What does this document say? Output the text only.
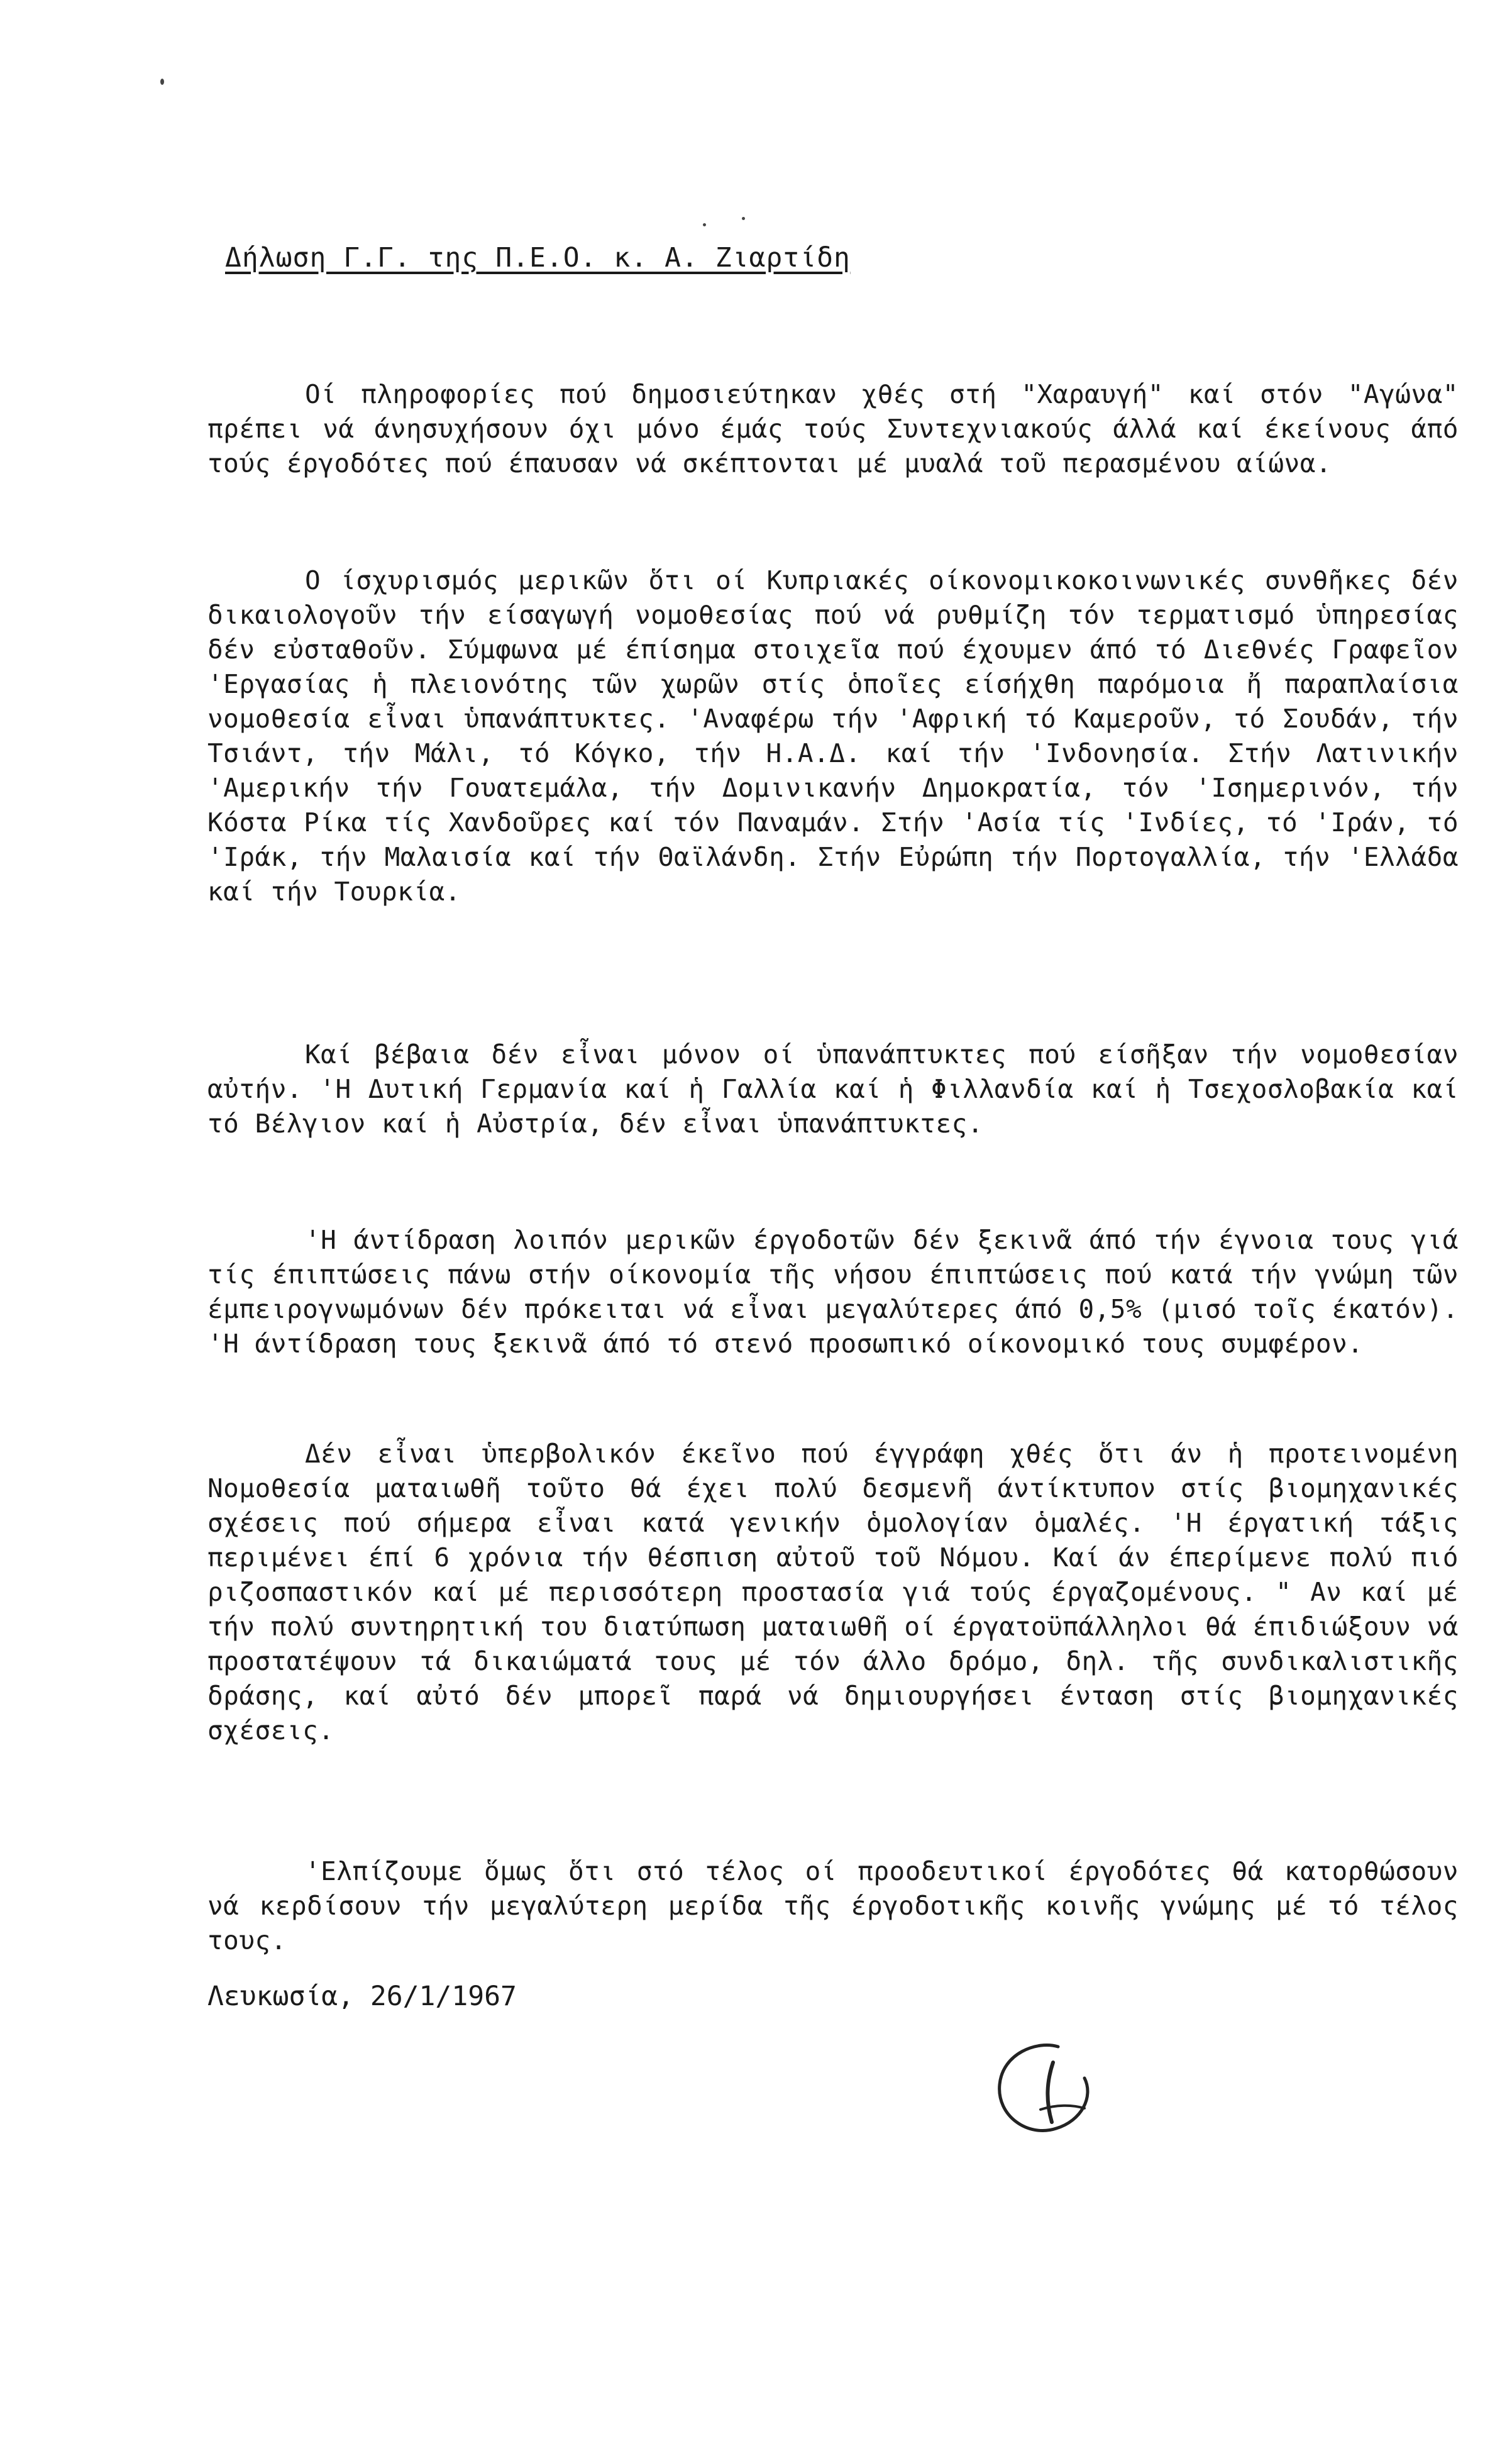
Δήλωση Γ.Γ. της Π.Ε.Ο. κ. Α. Ζιαρτίδη

Οί πληροφορίες πού δημοσιεύτηκαν χθές στή "Χαραυγή" καί στόν "Αγώνα" πρέπει νά άνησυχήσουν όχι μόνο έμάς τούς Συντεχνιακούς άλλά καί έκείνους άπό τούς έργοδότες πού έπαυσαν νά σκέπτονται μέ μυαλά τοῦ περασμένου αίώνα.

Ο ίσχυρισμός μερικῶν ὅτι οί Κυπριακές οίκονομικοκοινωνικές συνθῆκες δέν δικαιολογοῦν τήν είσαγωγή νομοθεσίας πού νά ρυθμίζη τόν τερματισμό ὑπηρεσίας δέν εὐσταθοῦν. Σύμφωνα μέ έπίσημα στοιχεῖα πού έχουμεν άπό τό Διεθνές Γραφεῖον 'Εργασίας ἡ πλειονότης τῶν χωρῶν στίς ὁποῖες είσήχθη παρόμοια ἤ παραπλαίσια νομοθεσία εἶναι ὑπανάπτυκτες. 'Αναφέρω τήν 'Αφρική τό Καμεροῦν, τό Σουδάν, τήν Τσιάντ, τήν Μάλι, τό Κόγκο, τήν Η.Α.Δ. καί τήν 'Ινδονησία. Στήν Λατινικήν 'Αμερικήν τήν Γουατεμάλα, τήν Δομινικανήν Δημοκρατία, τόν 'Ισημερινόν, τήν Κόστα Ρίκα τίς Χανδοῦρες καί τόν Παναμάν. Στήν 'Ασία τίς 'Ινδίες, τό 'Ιράν, τό 'Ιράκ, τήν Μαλαισία καί τήν Θαϊλάνδη. Στήν Εὐρώπη τήν Πορτογαλλία, τήν 'Ελλάδα καί τήν Τουρκία.

Καί βέβαια δέν εἶναι μόνον οί ὑπανάπτυκτες πού είσῆξαν τήν νομοθεσίαν αὐτήν. 'Η Δυτική Γερμανία καί ἡ Γαλλία καί ἡ Φιλλανδία καί ἡ Τσεχοσλοβακία καί τό Βέλγιον καί ἡ Αὐστρία, δέν εἶναι ὑπανάπτυκτες.

'Η άντίδραση λοιπόν μερικῶν έργοδοτῶν δέν ξεκινᾶ άπό τήν έγνοια τους γιά τίς έπιπτώσεις πάνω στήν οίκονομία τῆς νήσου έπιπτώσεις πού κατά τήν γνώμη τῶν έμπειρογνωμόνων δέν πρόκειται νά εἶναι μεγαλύτερες άπό 0,5% (μισό τοῖς έκατόν). 'Η άντίδραση τους ξεκινᾶ άπό τό στενό προσωπικό οίκονομικό τους συμφέρον.

Δέν εἶναι ὑπερβολικόν έκεῖνο πού έγγράφη χθές ὅτι άν ἡ προτεινομένη Νομοθεσία ματαιωθῆ τοῦτο θά έχει πολύ δεσμενῆ άντίκτυπον στίς βιομηχανικές σχέσεις πού σήμερα εἶναι κατά γενικήν ὁμολογίαν ὁμαλές. 'Η έργατική τάξις περιμένει έπί 6 χρόνια τήν θέσπιση αὐτοῦ τοῦ Νόμου. Καί άν έπερίμενε πολύ πιό ριζοσπαστικόν καί μέ περισσότερη προστασία γιά τούς έργαζομένους. " Αν καί μέ τήν πολύ συντηρητική του διατύπωση ματαιωθῆ οί έργατοϋπάλληλοι θά έπιδιώξουν νά προστατέψουν τά δικαιώματά τους μέ τόν άλλο δρόμο, δηλ. τῆς συνδικαλιστικῆς δράσης, καί αὐτό δέν μπορεῖ παρά νά δημιουργήσει ένταση στίς βιομηχανικές σχέσεις.

'Ελπίζουμε ὅμως ὅτι στό τέλος οί προοδευτικοί έργοδότες θά κατορθώσουν νά κερδίσουν τήν μεγαλύτερη μερίδα τῆς έργοδοτικῆς κοινῆς γνώμης μέ τό τέλος τους.

Λευκωσία, 26/1/1967
